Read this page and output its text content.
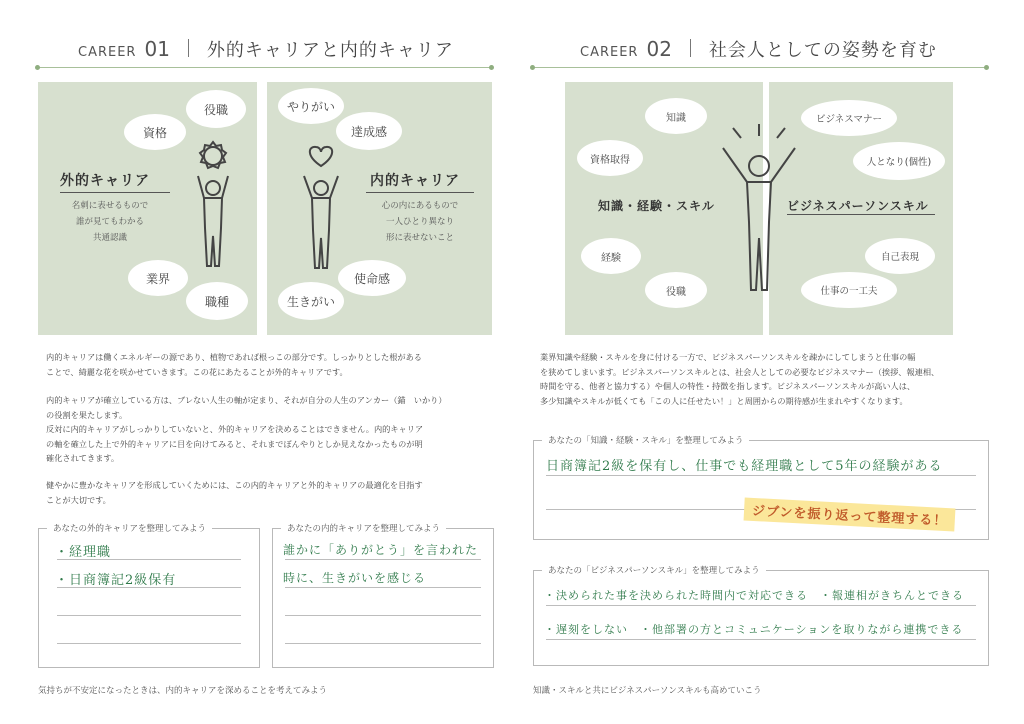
CAREER 01 外的キャリアと内的キャリア
役職
資格
業界
職種
外的キャリア
名刺に表せるもので
誰が見てもわかる
共通認識
やりがい
達成感
使命感
生きがい
内的キャリア
心の内にあるもので
一人ひとり異なり
形に表せないこと
内的キャリアは働くエネルギーの源であり、植物であれば根っこの部分です。しっかりとした根がある
ことで、綺麗な花を咲かせていきます。この花にあたることが外的キャリアです。
内的キャリアが確立している方は、ブレない人生の軸が定まり、それが自分の人生のアンカー（錨　いかり）
の役割を果たします。
反対に内的キャリアがしっかりしていないと、外的キャリアを決めることはできません。内的キャリア
の軸を確立した上で外的キャリアに目を向けてみると、それまでぼんやりとしか見えなかったものが明
確化されてきます。
健やかに豊かなキャリアを形成していくためには、この内的キャリアと外的キャリアの最適化を目指す
ことが大切です。
あなたの外的キャリアを整理してみよう
・経理職
・日商簿記2級保有
あなたの内的キャリアを整理してみよう
誰かに「ありがとう」を言われた
時に、生きがいを感じる
気持ちが不安定になったときは、内的キャリアを深めることを考えてみよう
CAREER 02 社会人としての姿勢を育む
知識
資格取得
経験
役職
知識・経験・スキル
ビジネスマナー
人となり(個性)
自己表現
仕事の一工夫
ビジネスパーソンスキル
業界知識や経験・スキルを身に付ける一方で、ビジネスパーソンスキルを疎かにしてしまうと仕事の幅
を狭めてしまいます。ビジネスパーソンスキルとは、社会人としての必要なビジネスマナー（挨拶、報連相、
時間を守る、他者と協力する）や個人の特性・持徴を指します。ビジネスパーソンスキルが高い人は、
多少知識やスキルが低くても「この人に任せたい！」と周囲からの期待感が生まれやすくなります。
あなたの「知識・経験・スキル」を整理してみよう
日商簿記2級を保有し、仕事でも経理職として5年の経験がある
ジブンを振り返って整理する！
あなたの「ビジネスパーソンスキル」を整理してみよう
・決められた事を決められた時間内で対応できる　・報連相がきちんとできる
・遅刻をしない　・他部署の方とコミュニケーションを取りながら連携できる
知識・スキルと共にビジネスパーソンスキルも高めていこう
